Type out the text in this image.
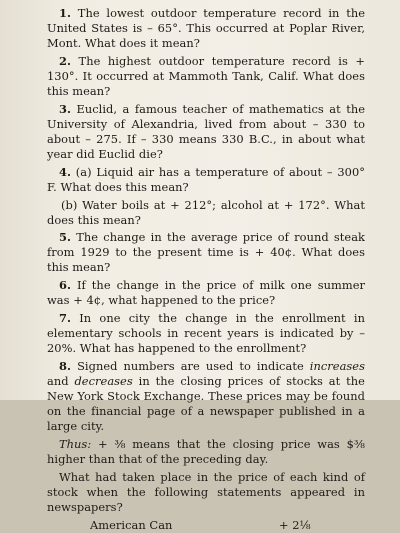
1. The lowest outdoor temperature record in the United States is – 65°. This occurred at Poplar River, Mont. What does it mean?

2. The highest outdoor temperature record is + 130°. It occurred at Mammoth Tank, Calif. What does this mean?

3. Euclid, a famous teacher of mathematics at the University of Alexandria, lived from about – 330 to about – 275. If – 330 means 330 B.C., in about what year did Euclid die?

4. (a) Liquid air has a temperature of about – 300° F. What does this mean?

(b) Water boils at + 212°; alcohol at + 172°. What does this mean?

5. The change in the average price of round steak from 1929 to the present time is + 40¢. What does this mean?

6. If the change in the price of milk one summer was + 4¢, what happened to the price?

7. In one city the change in the enrollment in elementary schools in recent years is indicated by – 20%. What has happened to the enrollment?

8. Signed numbers are used to indicate increases and decreases in the closing prices of stocks at the New York Stock Exchange. These prices may be found on the financial page of a newspaper published in a large city.

Thus: + ⅜ means that the closing price was $⅜ higher than that of the preceding day.

What had taken place in the price of each kind of stock when the following statements appeared in newspapers?

American Can	+ 2⅛
